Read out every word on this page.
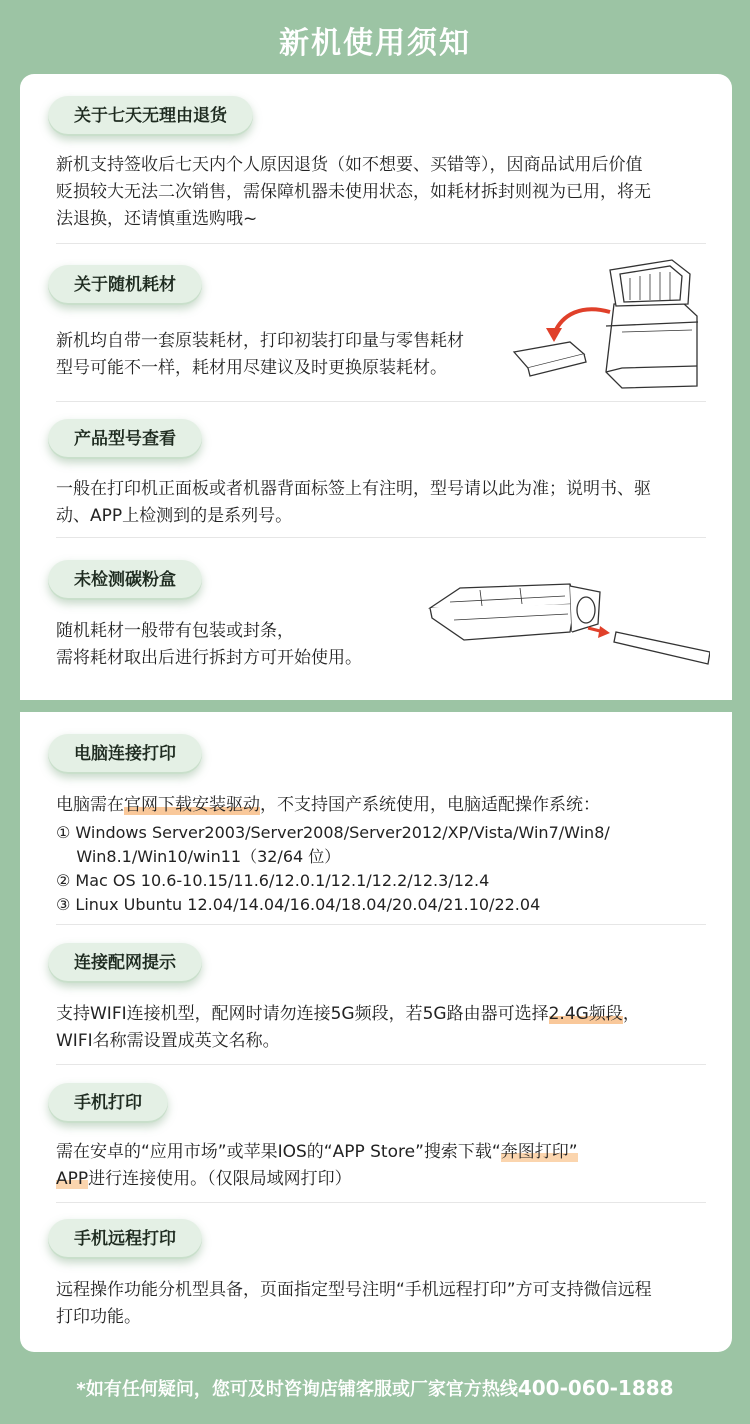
新机使用须知
关于七天无理由退货
新机支持签收后七天内个人原因退货（如不想要、买错等），因商品试用后价值
贬损较大无法二次销售，需保障机器未使用状态，如耗材拆封则视为已用，将无
法退换，还请慎重选购哦~
关于随机耗材
新机均自带一套原装耗材，打印初装打印量与零售耗材
型号可能不一样，耗材用尽建议及时更换原装耗材。
产品型号查看
一般在打印机正面板或者机器背面标签上有注明，型号请以此为准；说明书、驱
动、APP上检测到的是系列号。
未检测碳粉盒
随机耗材一般带有包装或封条，
需将耗材取出后进行拆封方可开始使用。
电脑连接打印
电脑需在官网下载安装驱动，不支持国产系统使用，电脑适配操作系统：
① Windows Server2003/Server2008/Server2012/XP/Vista/Win7/Win8/
Win8.1/Win10/win11（32/64 位）
② Mac OS 10.6-10.15/11.6/12.0.1/12.1/12.2/12.3/12.4
③ Linux Ubuntu 12.04/14.04/16.04/18.04/20.04/21.10/22.04
连接配网提示
支持WIFI连接机型，配网时请勿连接5G频段，若5G路由器可选择2.4G频段，
WIFI名称需设置成英文名称。
手机打印
需在安卓的“应用市场”或苹果IOS的“APP Store”搜索下载“奔图打印”
APP进行连接使用。（仅限局域网打印）
手机远程打印
远程操作功能分机型具备，页面指定型号注明“手机远程打印”方可支持微信远程
打印功能。
*如有任何疑问，您可及时咨询店铺客服或厂家官方热线400-060-1888
